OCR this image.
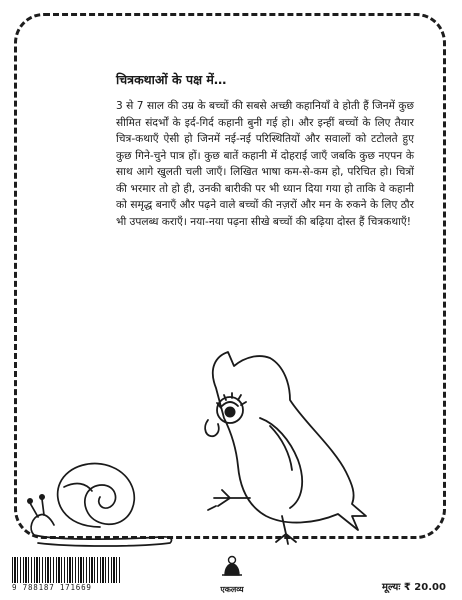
चित्रकथाओं के पक्ष में…

3 से 7 साल की उम्र के बच्चों की सबसे अच्छी कहानियाँ वे होती हैं जिनमें कुछ सीमित संदर्भों के इर्द-गिर्द कहानी बुनी गई हो। और इन्हीं बच्चों के लिए तैयार चित्र-कथाएँ ऐसी हो जिनमें नई-नई परिस्थितियों और सवालों को टटोलते हुए कुछ गिने-चुने पात्र हों। कुछ बातें कहानी में दोहराई जाएँ जबकि कुछ नएपन के साथ आगे खुलती चली जाएँ। लिखित भाषा कम-से-कम हो, परिचित हो। चित्रों की भरमार तो हो ही, उनकी बारीकी पर भी ध्यान दिया गया हो ताकि वे कहानी को समृद्ध बनाएँ और पढ़ने वाले बच्चों की नज़रों और मन के रुकने के लिए ठौर भी उपलब्ध कराएँ। नया-नया पढ़ना सीखे बच्चों की बढ़िया दोस्त हैं चित्रकथाएँ!

9 788187 171669	एकलव्य	मूल्यः ₹ 20.00
